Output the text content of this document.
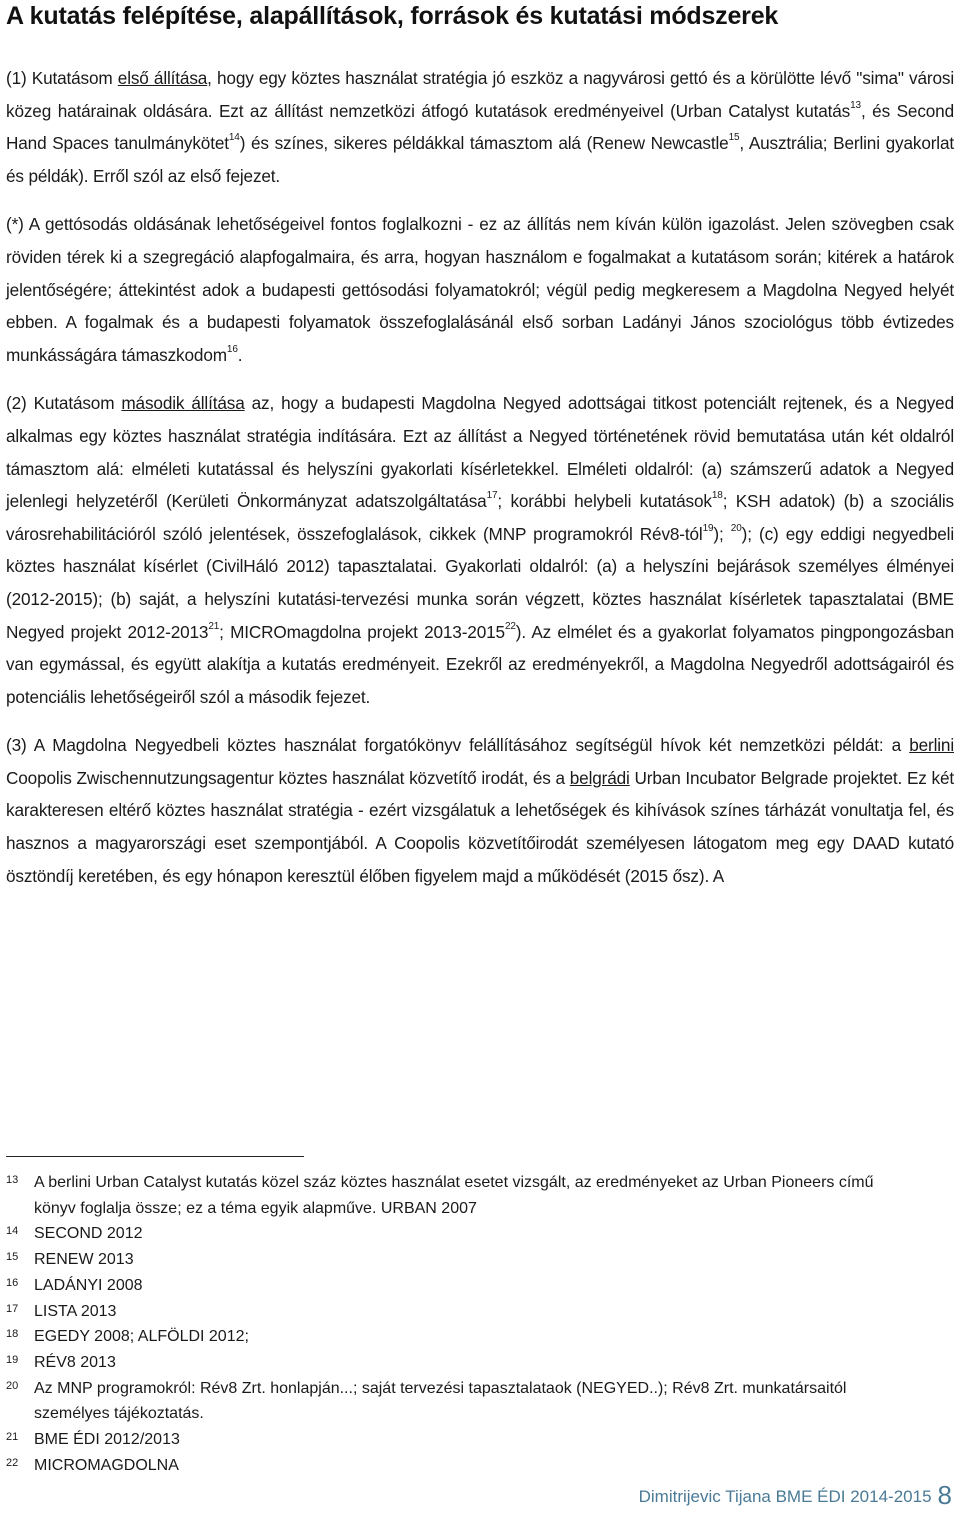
A kutatás felépítése, alapállítások, források és kutatási módszerek

(1) Kutatásom első állítása, hogy egy köztes használat stratégia jó eszköz a nagyvárosi gettó és a körülötte lévő "sima" városi közeg határainak oldására. Ezt az állítást nemzetközi átfogó kutatások eredményeivel (Urban Catalyst kutatás$^{13}$, és Second Hand Spaces tanulmánykötet$^{14}$) és színes, sikeres példákkal támasztom alá (Renew Newcastle$^{15}$, Ausztrália; Berlini gyakorlat és példák). Erről szól az első fejezet.

(*) A gettósodás oldásának lehetőségeivel fontos foglalkozni - ez az állítás nem kíván külön igazolást. Jelen szövegben csak röviden térek ki a szegregáció alapfogalmaira, és arra, hogyan használom e fogalmakat a kutatásom során; kitérek a határok jelentőségére; áttekintést adok a budapesti gettósodási folyamatokról; végül pedig megkeresem a Magdolna Negyed helyét ebben. A fogalmak és a budapesti folyamatok összefoglalásánál első sorban Ladányi János szociológus több évtizedes munkásságára támaszkodom$^{16}$.

(2) Kutatásom második állítása az, hogy a budapesti Magdolna Negyed adottságai titkost potenciált rejtenek, és a Negyed alkalmas egy köztes használat stratégia indítására. Ezt az állítást a Negyed történetének rövid bemutatása után két oldalról támasztom alá: elméleti kutatással és helyszíni gyakorlati kísérletekkel. Elméleti oldalról: (a) számszerű adatok a Negyed jelenlegi helyzetéről (Kerületi Önkormányzat adatszolgáltatása$^{17}$; korábbi helybeli kutatások$^{18}$; KSH adatok) (b) a szociális városrehabilitációról szóló jelentések, összefoglalások, cikkek (MNP programokról Rév8-tól$^{19}$); $^{20}$); (c) egy eddigi negyedbeli köztes használat kísérlet (CivilHáló 2012) tapasztalatai. Gyakorlati oldalról: (a) a helyszíni bejárások személyes élményei (2012-2015); (b) saját, a helyszíni kutatási-tervezési munka során végzett, köztes használat kísérletek tapasztalatai (BME Negyed projekt 2012-2013$^{21}$; MICROmagdolna projekt 2013-2015$^{22}$). Az elmélet és a gyakorlat folyamatos pingpongozásban van egymással, és együtt alakítja a kutatás eredményeit. Ezekről az eredményekről, a Magdolna Negyedről adottságairól és potenciális lehetőségeiről szól a második fejezet.

(3) A Magdolna Negyedbeli köztes használat forgatókönyv felállításához segítségül hívok két nemzetközi példát: a berlini Coopolis Zwischennutzungsagentur köztes használat közvetítő irodát, és a belgrádi Urban Incubator Belgrade projektet. Ez két karakteresen eltérő köztes használat stratégia - ezért vizsgálatuk a lehetőségek és kihívások színes tárházát vonultatja fel, és hasznos a magyarországi eset szempontjából. A Coopolis közvetítőirodát személyesen látogatom meg egy DAAD kutató ösztöndíj keretében, és egy hónapon keresztül élőben figyelem majd a működését (2015 ősz). A

13 A berlini Urban Catalyst kutatás közel száz köztes használat esetet vizsgált, az eredményeket az Urban Pioneers című könyv foglalja össze; ez a téma egyik alapműve. URBAN 2007
14 SECOND 2012
15 RENEW 2013
16 LADÁNYI 2008
17 LISTA 2013
18 EGEDY 2008; ALFÖLDI 2012;
19 RÉV8 2013
20 Az MNP programokról: Rév8 Zrt. honlapján...; saját tervezési tapasztalataok (NEGYED..); Rév8 Zrt. munkatársaitól személyes tájékoztatás.
21 BME ÉDI 2012/2013
22 MICROMAGDOLNA
Dimitrijevic Tijana BME ÉDI 2014-2015 8
